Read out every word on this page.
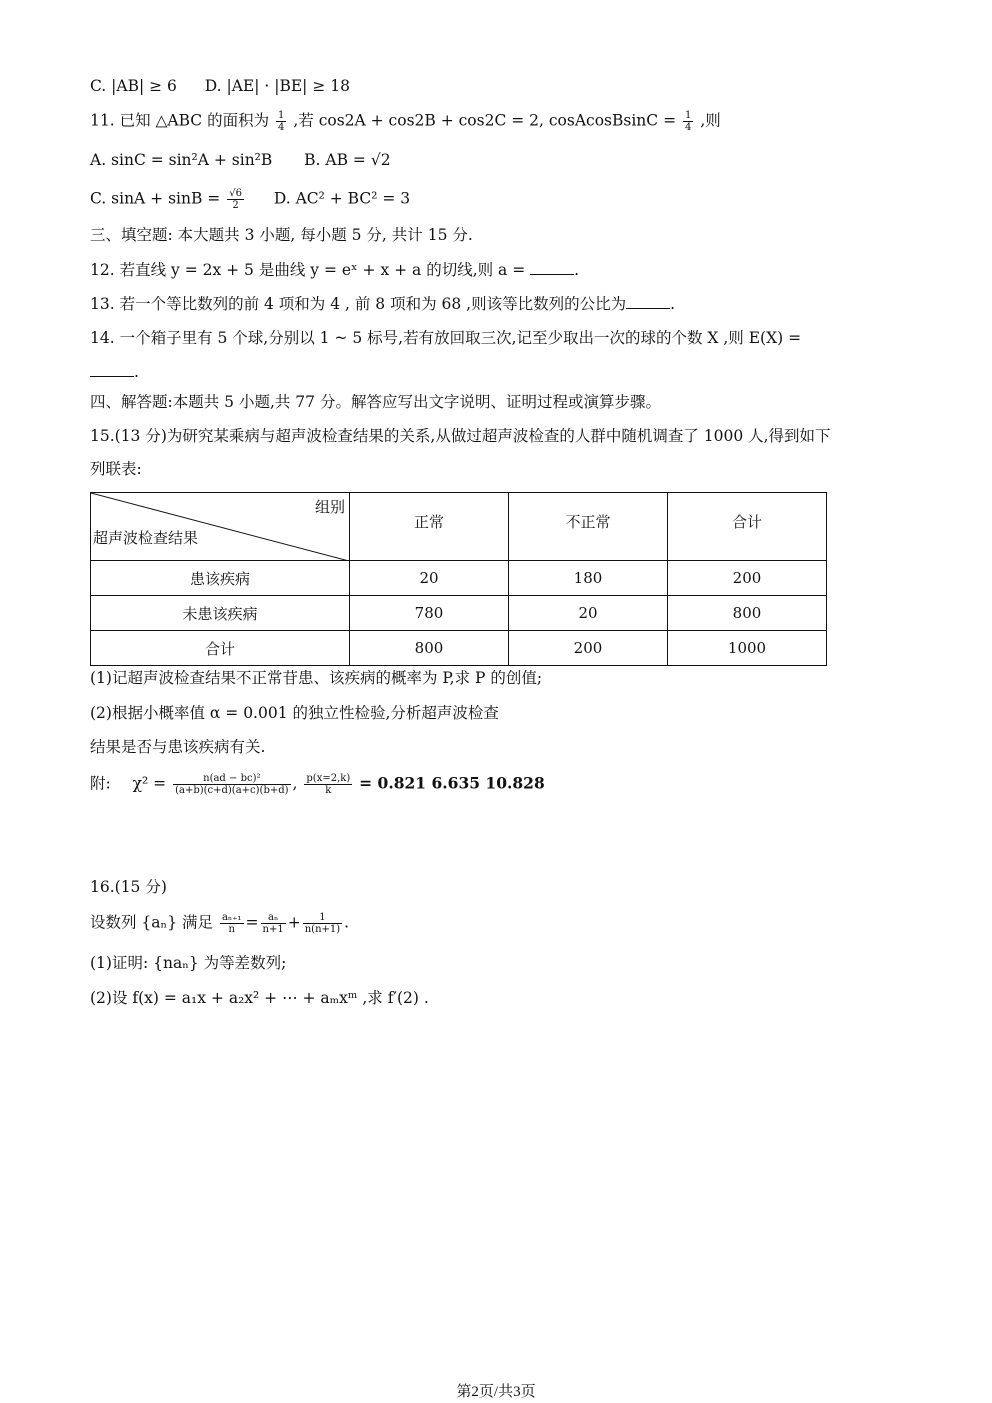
C. |AB| ≥ 6 D. |AE| · |BE| ≥ 18
11. 已知 △ABC 的面积为 $\frac{1}{4}$ ,若 cos2A + cos2B + cos2C = 2, cosAcosBsinC = $\frac{1}{4}$ ,则
A. sinC = sin²A + sin²B B. AB = √2
C. $\sin A + \sin B = \frac{√6}{2} D$. AC² + BC² = 3
三、填空题: 本大题共 3 小题, 每小题 5 分, 共计 15 分.
12. 若直线 y = 2x + 5 是曲线 y = eˣ + x + a 的切线,则 a =	.
13. 若一个等比数列的前 4 项和为 4 , 前 8 项和为 68 ,则该等比数列的公比为	.
14. 一个箱子里有 5 个球,分别以 1 ~ 5 标号,若有放回取三次,记至少取出一次的球的个数 X ,则 E(X) =
.
四、解答题:本题共 5 小题,共 77 分。解答应写出文字说明、证明过程或演算步骤。
15.(13 分)为研究某乘病与超声波检查结果的关系,从做过超声波检查的人群中随机调查了 1000 人,得到如下
列联表:
组别
超声波检查结果	正常	不正常	合计
患该疾病	20	180	200
未患该疾病	780	20	800
合计	800	200	1000
(1)记超声波检查结果不正常苷患、该疾病的概率为 P,求 P 的创值;
(2)根据小概率值 α = 0.001 的独立性检验,分析超声波检查
结果是否与患该疾病有关.
附: $\chi^2 = \frac{\text{n(ad − bc)²}}{(a+b)(c+d)(a+c)(b+d)}$ , $\frac{p(x=2,k)}{k} = 0.821$ 6.635 10.828
16.(15 分)
设数列 {aₙ} 满足 $\frac{\text{aₙ₊₁}}{n} = \frac{\text{aₙ}}{n+1} + \frac{1}{n(n+1)}$ .
(1)证明: {naₙ} 为等差数列;
(2)设 f(x) = a₁x + a₂x² + ⋯ + aₘxᵐ ,求 f′(2) .
第2页/共3页
